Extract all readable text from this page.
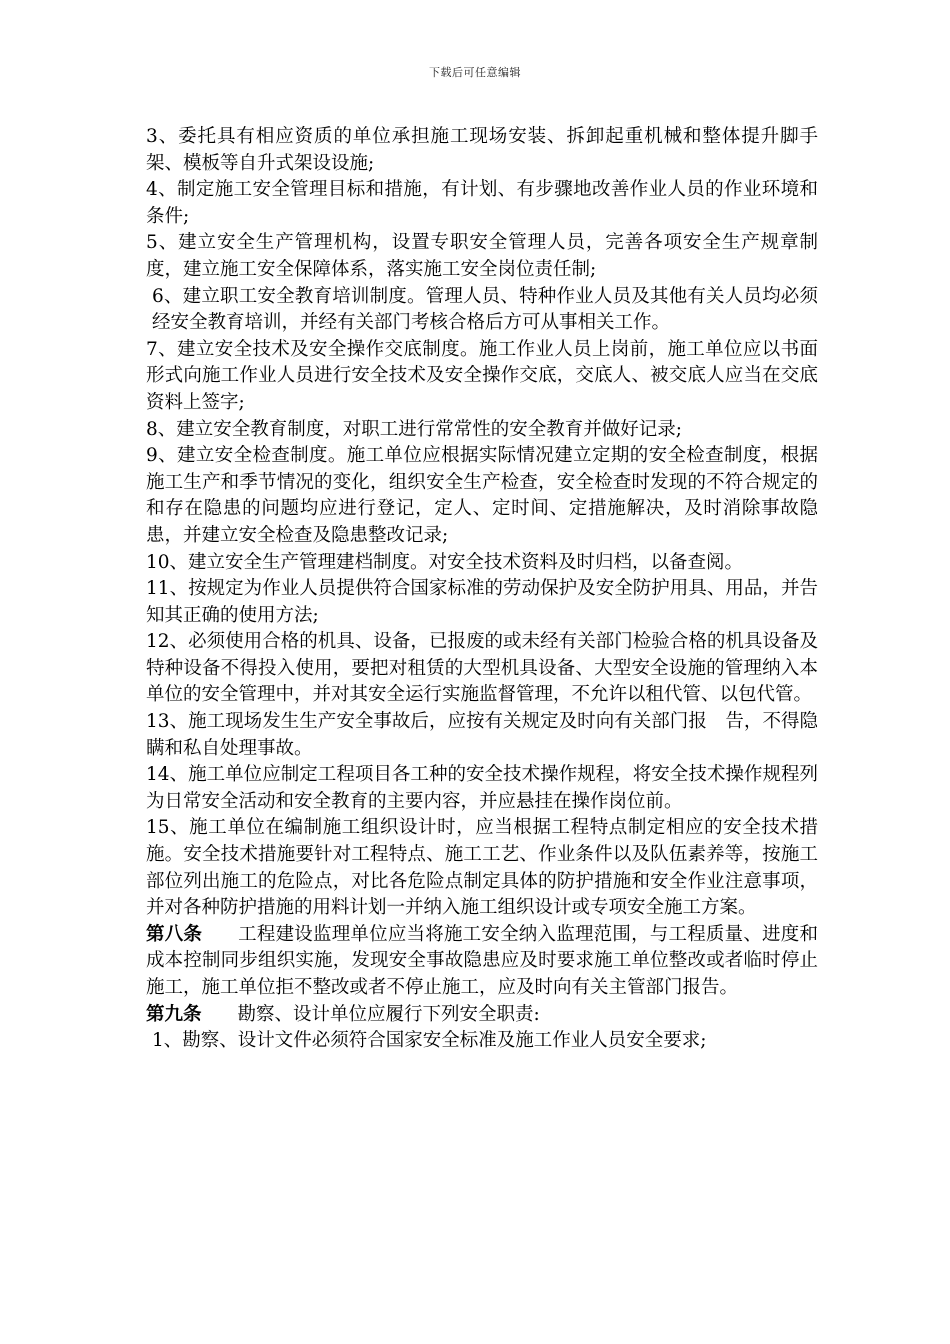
下载后可任意编辑

3、委托具有相应资质的单位承担施工现场安装、拆卸起重机械和整体提升脚手架、模板等自升式架设设施;

4、制定施工安全管理目标和措施，有计划、有步骤地改善作业人员的作业环境和条件;

5、建立安全生产管理机构，设置专职安全管理人员，完善各项安全生产规章制度，建立施工安全保障体系，落实施工安全岗位责任制;

6、建立职工安全教育培训制度。管理人员、特种作业人员及其他有关人员均必须经安全教育培训，并经有关部门考核合格后方可从事相关工作。

7、建立安全技术及安全操作交底制度。施工作业人员上岗前，施工单位应以书面形式向施工作业人员进行安全技术及安全操作交底，交底人、被交底人应当在交底资料上签字;

8、建立安全教育制度，对职工进行常常性的安全教育并做好记录;

9、建立安全检查制度。施工单位应根据实际情况建立定期的安全检查制度，根据施工生产和季节情况的变化，组织安全生产检查，安全检查时发现的不符合规定的和存在隐患的问题均应进行登记，定人、定时间、定措施解决，及时消除事故隐患，并建立安全检查及隐患整改记录;

10、建立安全生产管理建档制度。对安全技术资料及时归档，以备查阅。

11、按规定为作业人员提供符合国家标准的劳动保护及安全防护用具、用品，并告知其正确的使用方法;

12、必须使用合格的机具、设备，已报废的或未经有关部门检验合格的机具设备及特种设备不得投入使用，要把对租赁的大型机具设备、大型安全设施的管理纳入本单位的安全管理中，并对其安全运行实施监督管理，不允许以租代管、以包代管。

13、施工现场发生生产安全事故后，应按有关规定及时向有关部门报　告，不得隐瞒和私自处理事故。

14、施工单位应制定工程项目各工种的安全技术操作规程，将安全技术操作规程列为日常安全活动和安全教育的主要内容，并应悬挂在操作岗位前。

15、施工单位在编制施工组织设计时，应当根据工程特点制定相应的安全技术措施。安全技术措施要针对工程特点、施工工艺、作业条件以及队伍素养等，按施工部位列出施工的危险点，对比各危险点制定具体的防护措施和安全作业注意事项，并对各种防护措施的用料计划一并纳入施工组织设计或专项安全施工方案。

第八条 工程建设监理单位应当将施工安全纳入监理范围，与工程质量、进度和成本控制同步组织实施，发现安全事故隐患应及时要求施工单位整改或者临时停止施工，施工单位拒不整改或者不停止施工，应及时向有关主管部门报告。

第九条 勘察、设计单位应履行下列安全职责:

1、勘察、设计文件必须符合国家安全标准及施工作业人员安全要求;
